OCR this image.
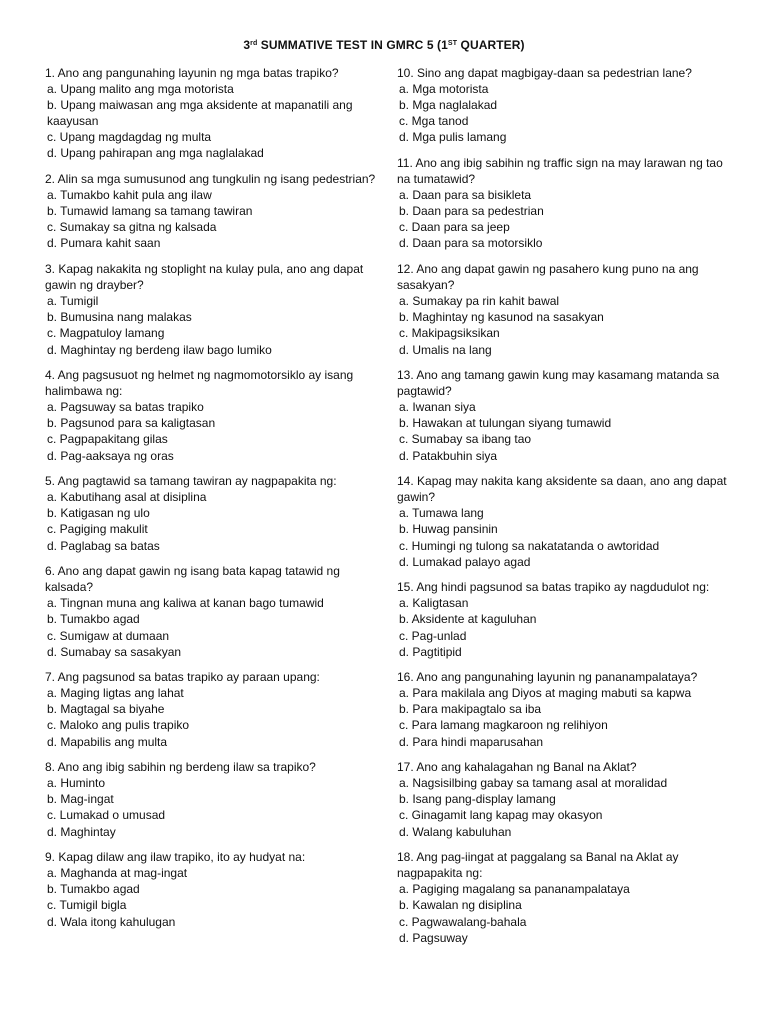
3rd SUMMATIVE TEST IN GMRC 5 (1ST QUARTER)

1. Ano ang pangunahing layunin ng mga batas trapiko?

a. Upang malito ang mga motorista

b. Upang maiwasan ang mga aksidente at mapanatili ang kaayusan

c. Upang magdagdag ng multa

d. Upang pahirapan ang mga naglalakad

2. Alin sa mga sumusunod ang tungkulin ng isang pedestrian?

a. Tumakbo kahit pula ang ilaw

b. Tumawid lamang sa tamang tawiran

c. Sumakay sa gitna ng kalsada

d. Pumara kahit saan

3. Kapag nakakita ng stoplight na kulay pula, ano ang dapat gawin ng drayber?

a. Tumigil

b. Bumusina nang malakas

c. Magpatuloy lamang

d. Maghintay ng berdeng ilaw bago lumiko

4. Ang pagsusuot ng helmet ng nagmomotorsiklo ay isang halimbawa ng:

a. Pagsuway sa batas trapiko

b. Pagsunod para sa kaligtasan

c. Pagpapakitang gilas

d. Pag-aaksaya ng oras

5. Ang pagtawid sa tamang tawiran ay nagpapakita ng:

a. Kabutihang asal at disiplina

b. Katigasan ng ulo

c. Pagiging makulit

d. Paglabag sa batas

6. Ano ang dapat gawin ng isang bata kapag tatawid ng kalsada?

a. Tingnan muna ang kaliwa at kanan bago tumawid

b. Tumakbo agad

c. Sumigaw at dumaan

d. Sumabay sa sasakyan

7. Ang pagsunod sa batas trapiko ay paraan upang:

a. Maging ligtas ang lahat

b. Magtagal sa biyahe

c. Maloko ang pulis trapiko

d. Mapabilis ang multa

8. Ano ang ibig sabihin ng berdeng ilaw sa trapiko?

a. Huminto

b. Mag-ingat

c. Lumakad o umusad

d. Maghintay

9. Kapag dilaw ang ilaw trapiko, ito ay hudyat na:

a. Maghanda at mag-ingat

b. Tumakbo agad

c. Tumigil bigla

d. Wala itong kahulugan

10. Sino ang dapat magbigay-daan sa pedestrian lane?

a. Mga motorista

b. Mga naglalakad

c. Mga tanod

d. Mga pulis lamang

11. Ano ang ibig sabihin ng traffic sign na may larawan ng tao na tumatawid?

a. Daan para sa bisikleta

b. Daan para sa pedestrian

c. Daan para sa jeep

d. Daan para sa motorsiklo

12. Ano ang dapat gawin ng pasahero kung puno na ang sasakyan?

a. Sumakay pa rin kahit bawal

b. Maghintay ng kasunod na sasakyan

c. Makipagsiksikan

d. Umalis na lang

13. Ano ang tamang gawin kung may kasamang matanda sa pagtawid?

a. Iwanan siya

b. Hawakan at tulungan siyang tumawid

c. Sumabay sa ibang tao

d. Patakbuhin siya

14. Kapag may nakita kang aksidente sa daan, ano ang dapat gawin?

a. Tumawa lang

b. Huwag pansinin

c. Humingi ng tulong sa nakatatanda o awtoridad

d. Lumakad palayo agad

15. Ang hindi pagsunod sa batas trapiko ay nagdudulot ng:

a. Kaligtasan

b. Aksidente at kaguluhan

c. Pag-unlad

d. Pagtitipid

16. Ano ang pangunahing layunin ng pananampalataya?

a. Para makilala ang Diyos at maging mabuti sa kapwa

b. Para makipagtalo sa iba

c. Para lamang magkaroon ng relihiyon

d. Para hindi maparusahan

17. Ano ang kahalagahan ng Banal na Aklat?

a. Nagsisilbing gabay sa tamang asal at moralidad

b. Isang pang-display lamang

c. Ginagamit lang kapag may okasyon

d. Walang kabuluhan

18. Ang pag-iingat at paggalang sa Banal na Aklat ay nagpapakita ng:

a. Pagiging magalang sa pananampalataya

b. Kawalan ng disiplina

c. Pagwawalang-bahala

d. Pagsuway
